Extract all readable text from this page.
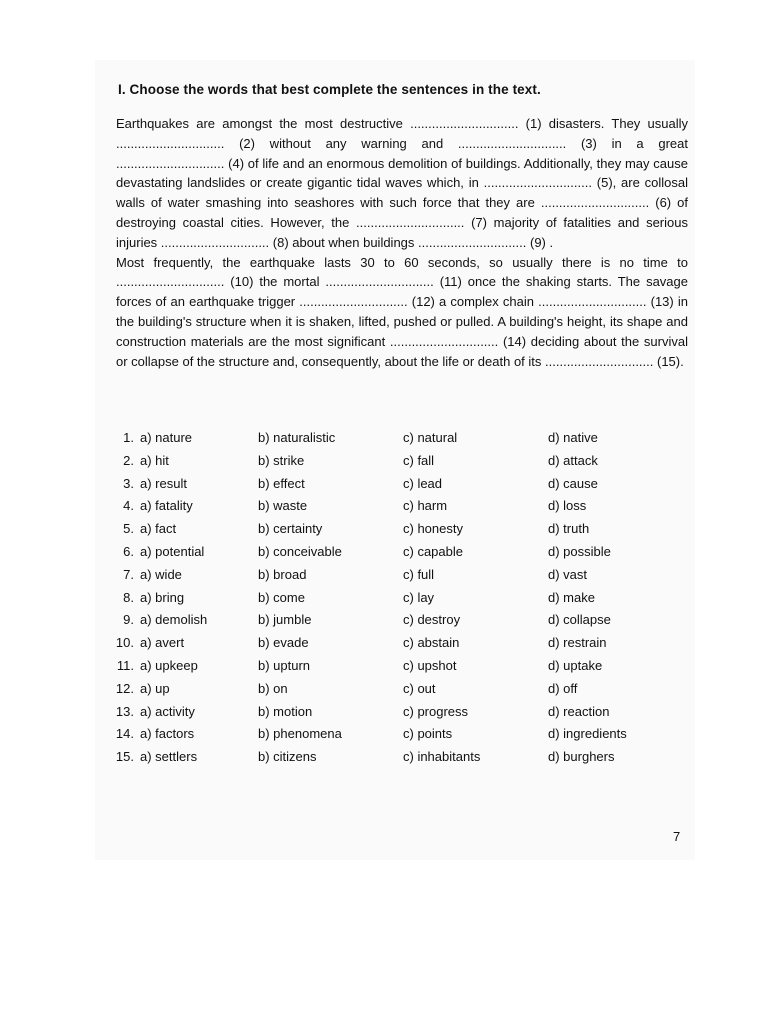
I. Choose the words that best complete the sentences in the text.

Earthquakes are amongst the most destructive .............................. (1) disasters. They usually .............................. (2) without any warning and .............................. (3) in a great .............................. (4) of life and an enormous demolition of buildings. Additionally, they may cause devastating landslides or create gigantic tidal waves which, in .............................. (5), are collosal walls of water smashing into seashores with such force that they are .............................. (6) of destroying coastal cities. However, the .............................. (7) majority of fatalities and serious injuries .............................. (8) about when buildings .............................. (9) .

Most frequently, the earthquake lasts 30 to 60 seconds, so usually there is no time to .............................. (10) the mortal .............................. (11) once the shaking starts. The savage forces of an earthquake trigger .............................. (12) a complex chain .............................. (13) in the building's structure when it is shaken, lifted, pushed or pulled. A building's height, its shape and construction materials are the most significant .............................. (14) deciding about the survival or collapse of the structure and, consequently, about the life or death of its .............................. (15).

1. a) nature	b) naturalistic	c) natural	d) native
2. a) hit	b) strike	c) fall	d) attack
3. a) result	b) effect	c) lead	d) cause
4. a) fatality	b) waste	c) harm	d) loss
5. a) fact	b) certainty	c) honesty	d) truth
6. a) potential	b) conceivable	c) capable	d) possible
7. a) wide	b) broad	c) full	d) vast
8. a) bring	b) come	c) lay	d) make
9. a) demolish	b) jumble	c) destroy	d) collapse
10. a) avert	b) evade	c) abstain	d) restrain
11. a) upkeep	b) upturn	c) upshot	d) uptake
12. a) up	b) on	c) out	d) off
13. a) activity	b) motion	c) progress	d) reaction
14. a) factors	b) phenomena	c) points	d) ingredients
15. a) settlers	b) citizens	c) inhabitants	d) burghers
7
